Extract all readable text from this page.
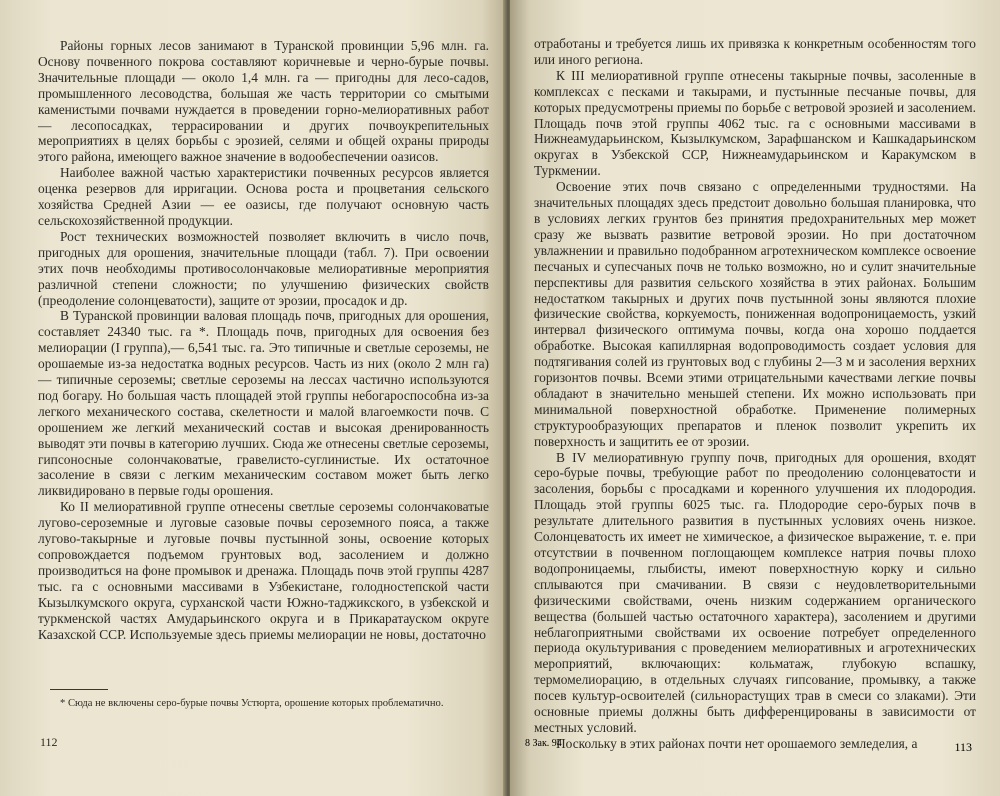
Районы горных лесов занимают в Туранской провинции 5,96 млн. га. Основу почвенного покрова составляют коричневые и черно-бурые почвы. Значительные площади — около 1,4 млн. га — пригодны для лесо-садов, промышленного лесоводства, большая же часть территории со смытыми каменистыми почвами нуждается в проведении горно-мелиоративных работ — лесопосадках, террасировании и других почвоукрепительных мероприятиях в целях борьбы с эрозией, селями и общей охраны природы этого района, имеющего важное значение в водообеспечении оазисов.

Наиболее важной частью характеристики почвенных ресурсов является оценка резервов для ирригации. Основа роста и процветания сельского хозяйства Средней Азии — ее оазисы, где получают основную часть сельскохозяйственной продукции.

Рост технических возможностей позволяет включить в число почв, пригодных для орошения, значительные площади (табл. 7). При освоении этих почв необходимы противосолончаковые мелиоративные мероприятия различной степени сложности; по улучшению физических свойств (преодоление солонцеватости), защите от эрозии, просадок и др.

В Туранской провинции валовая площадь почв, пригодных для орошения, составляет 24340 тыс. га *. Площадь почв, пригодных для освоения без мелиорации (I группа),— 6,541 тыс. га. Это типичные и светлые сероземы, не орошаемые из-за недостатка водных ресурсов. Часть из них (около 2 млн га) — типичные сероземы; светлые сероземы на лессах частично используются под богару. Но большая часть площадей этой группы небогароспособна из-за легкого механического состава, скелетности и малой влагоемкости почв. С орошением же легкий механический состав и высокая дренированность выводят эти почвы в категорию лучших. Сюда же отнесены светлые сероземы, гипсоносные солончаковатые, гравелисто-суглинистые. Их остаточное засоление в связи с легким механическим составом может быть легко ликвидировано в первые годы орошения.

Ко II мелиоративной группе отнесены светлые сероземы солончаковатые лугово-сероземные и луговые сазовые почвы сероземного пояса, а также лугово-такырные и луговые почвы пустынной зоны, освоение которых сопровождается подъемом грунтовых вод, засолением и должно производиться на фоне промывок и дренажа. Площадь почв этой группы 4287 тыс. га с основными массивами в Узбекистане, голодностепской части Кызылкумского округа, сурханской части Южно-таджикского, в узбекской и туркменской частях Амударьинского округа и в Прикаратауском округе Казахской ССР. Используемые здесь приемы мелиорации не новы, достаточно

* Сюда не включены серо-бурые почвы Устюрта, орошение которых проблематично.
112

отработаны и требуется лишь их привязка к конкретным особенностям того или иного региона.

К III мелиоративной группе отнесены такырные почвы, засоленные в комплексах с песками и такырами, и пустынные песчаные почвы, для которых предусмотрены приемы по борьбе с ветровой эрозией и засолением. Площадь почв этой группы 4062 тыс. га с основными массивами в Нижнеамударьинском, Кызылкумском, Зарафшанском и Кашкадарьинском округах в Узбекской ССР, Нижнеамударьинском и Каракумском в Туркмении.

Освоение этих почв связано с определенными трудностями. На значительных площадях здесь предстоит довольно большая планировка, что в условиях легких грунтов без принятия предохранительных мер может сразу же вызвать развитие ветровой эрозии. Но при достаточном увлажнении и правильно подобранном агротехническом комплексе освоение песчаных и супесчаных почв не только возможно, но и сулит значительные перспективы для развития сельского хозяйства в этих районах. Большим недостатком такырных и других почв пустынной зоны являются плохие физические свойства, коркуемость, пониженная водопроницаемость, узкий интервал физического оптимума почвы, когда она хорошо поддается обработке. Высокая капиллярная водопроводимость создает условия для подтягивания солей из грунтовых вод с глубины 2—3 м и засоления верхних горизонтов почвы. Всеми этими отрицательными качествами легкие почвы обладают в значительно меньшей степени. Их можно использовать при минимальной поверхностной обработке. Применение полимерных структурообразующих препаратов и пленок позволит укрепить их поверхность и защитить ее от эрозии.

В IV мелиоративную группу почв, пригодных для орошения, входят серо-бурые почвы, требующие работ по преодолению солонцеватости и засоления, борьбы с просадками и коренного улучшения их плодородия. Площадь этой группы 6025 тыс. га. Плодородие серо-бурых почв в результате длительного развития в пустынных условиях очень низкое. Солонцеватость их имеет не химическое, а физическое выражение, т. е. при отсутствии в почвенном поглощающем комплексе натрия почвы плохо водопроницаемы, глыбисты, имеют поверхностную корку и сильно сплываются при смачивании. В связи с неудовлетворительными физическими свойствами, очень низким содержанием органического вещества (большей частью остаточного характера), засолением и другими неблагоприятными свойствами их освоение потребует определенного периода окультуривания с проведением мелиоративных и агротехнических мероприятий, включающих: кольматаж, глубокую вспашку, термомелиорацию, в отдельных случаях гипсование, промывку, а также посев культур-освоителей (сильнорастущих трав в смеси со злаками). Эти основные приемы должны быть дифференцированы в зависимости от местных условий.

Поскольку в этих районах почти нет орошаемого земледелия, а

8 Зак. 94	113
